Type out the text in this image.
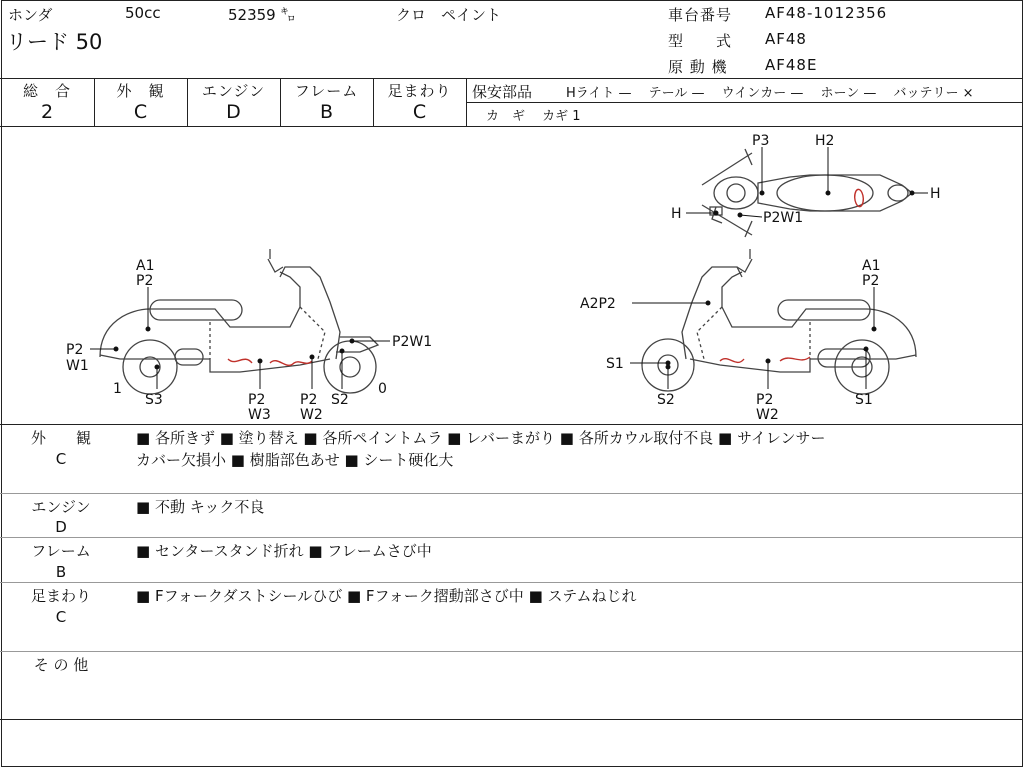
ホンダ	50cc	52359 ㌔	クロ　ペイント
リード 50
車台番号 AF48-1012356
型　　式 AF48
原 動 機 AF48E
総　合	外　観	エンジン	フレーム	足まわり
2	C	D	B	C
保安部品	Hライト —　 テール —　 ウインカー —　 ホーン —　 バッテリー ×
カ　ギ　 カギ 1
P3	H2
H
H	P2W1
A1
P2
P2
W1
1
S3	P2
W3
P2
W2
S2
0
P2W1
A1
P2
A2P2
S1
S2	P2
W2
S1
外　　観
C
■ 各所きず ■ 塗り替え ■ 各所ペイントムラ ■ レバーまがり ■ 各所カウル取付不良 ■ サイレンサー
カバー欠損小 ■ 樹脂部色あせ ■ シート硬化大
エンジン
D
■ 不動 キック不良
フレーム
B
■ センタースタンド折れ ■ フレームさび中
足まわり
C
■ Fフォークダストシールひび ■ Fフォーク摺動部さび中 ■ ステムねじれ
そ の 他
